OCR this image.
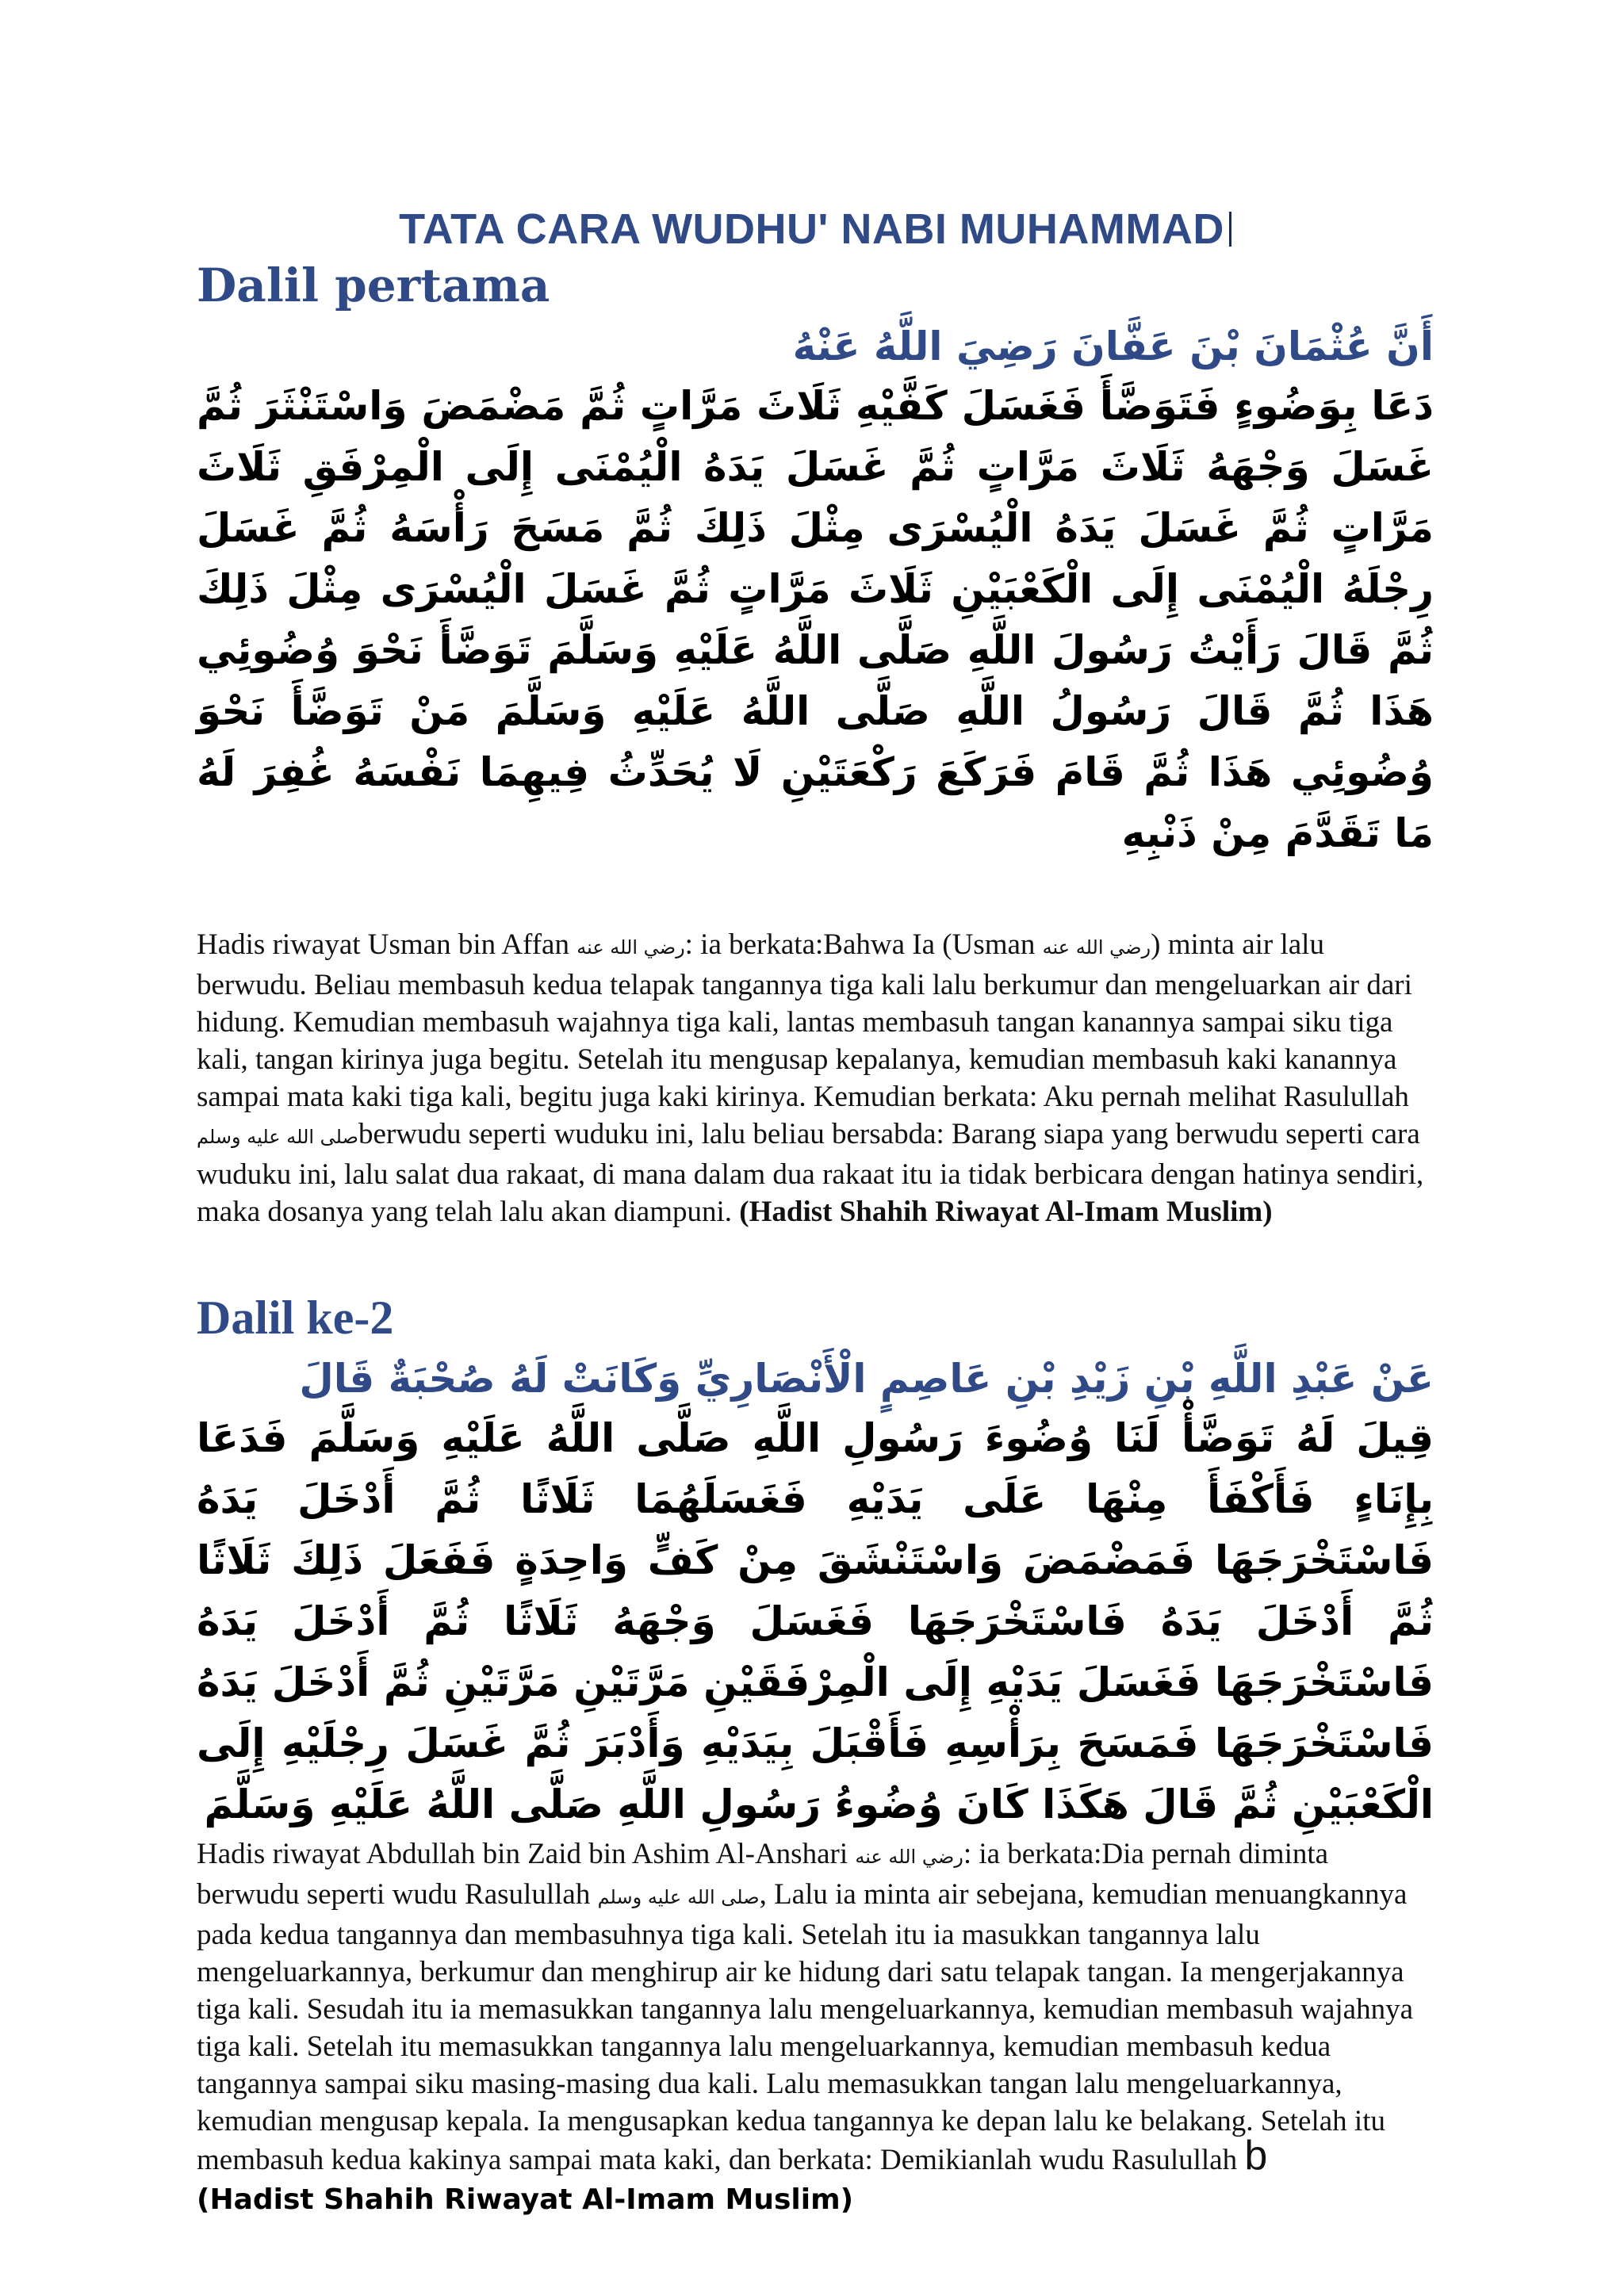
TATA CARA WUDHU' NABI MUHAMMAD
Dalil pertama

أَنَّ عُثْمَانَ بْنَ عَفَّانَ رَضِيَ اللَّهُ عَنْهُ

دَعَا بِوَضُوءٍ فَتَوَضَّأَ فَغَسَلَ كَفَّيْهِ ثَلَاثَ مَرَّاتٍ ثُمَّ مَضْمَضَ وَاسْتَنْثَرَ ثُمَّ غَسَلَ وَجْهَهُ ثَلَاثَ مَرَّاتٍ ثُمَّ غَسَلَ يَدَهُ الْيُمْنَى إِلَى الْمِرْفَقِ ثَلَاثَ مَرَّاتٍ ثُمَّ غَسَلَ يَدَهُ الْيُسْرَى مِثْلَ ذَلِكَ ثُمَّ مَسَحَ رَأْسَهُ ثُمَّ غَسَلَ رِجْلَهُ الْيُمْنَى إِلَى الْكَعْبَيْنِ ثَلَاثَ مَرَّاتٍ ثُمَّ غَسَلَ الْيُسْرَى مِثْلَ ذَلِكَ ثُمَّ قَالَ رَأَيْتُ رَسُولَ اللَّهِ صَلَّى اللَّهُ عَلَيْهِ وَسَلَّمَ تَوَضَّأَ نَحْوَ وُضُوئِي هَذَا ثُمَّ قَالَ رَسُولُ اللَّهِ صَلَّى اللَّهُ عَلَيْهِ وَسَلَّمَ مَنْ تَوَضَّأَ نَحْوَ وُضُوئِي هَذَا ثُمَّ قَامَ فَرَكَعَ رَكْعَتَيْنِ لَا يُحَدِّثُ فِيهِمَا نَفْسَهُ غُفِرَ لَهُ مَا تَقَدَّمَ مِنْ ذَنْبِهِ

Hadis riwayat Usman bin Affan رضي الله عنه: ia berkata:Bahwa Ia (Usman رضي الله عنه) minta air lalu berwudu. Beliau membasuh kedua telapak tangannya tiga kali lalu berkumur dan mengeluarkan air dari hidung. Kemudian membasuh wajahnya tiga kali, lantas membasuh tangan kanannya sampai siku tiga kali, tangan kirinya juga begitu. Setelah itu mengusap kepalanya, kemudian membasuh kaki kanannya sampai mata kaki tiga kali, begitu juga kaki kirinya. Kemudian berkata: Aku pernah melihat Rasulullah صلى الله عليه وسلمberwudu seperti wuduku ini, lalu beliau bersabda: Barang siapa yang berwudu seperti cara wuduku ini, lalu salat dua rakaat, di mana dalam dua rakaat itu ia tidak berbicara dengan hatinya sendiri, maka dosanya yang telah lalu akan diampuni. (Hadist Shahih Riwayat Al-Imam Muslim)

Dalil ke-2

عَنْ عَبْدِ اللَّهِ بْنِ زَيْدِ بْنِ عَاصِمٍ الْأَنْصَارِيِّ وَكَانَتْ لَهُ صُحْبَةٌ قَالَ

قِيلَ لَهُ تَوَضَّأْ لَنَا وُضُوءَ رَسُولِ اللَّهِ صَلَّى اللَّهُ عَلَيْهِ وَسَلَّمَ فَدَعَا بِإِنَاءٍ فَأَكْفَأَ مِنْهَا عَلَى يَدَيْهِ فَغَسَلَهُمَا ثَلَاثًا ثُمَّ أَدْخَلَ يَدَهُ فَاسْتَخْرَجَهَا فَمَضْمَضَ وَاسْتَنْشَقَ مِنْ كَفٍّ وَاحِدَةٍ فَفَعَلَ ذَلِكَ ثَلَاثًا ثُمَّ أَدْخَلَ يَدَهُ فَاسْتَخْرَجَهَا فَغَسَلَ وَجْهَهُ ثَلَاثًا ثُمَّ أَدْخَلَ يَدَهُ فَاسْتَخْرَجَهَا فَغَسَلَ يَدَيْهِ إِلَى الْمِرْفَقَيْنِ مَرَّتَيْنِ مَرَّتَيْنِ ثُمَّ أَدْخَلَ يَدَهُ فَاسْتَخْرَجَهَا فَمَسَحَ بِرَأْسِهِ فَأَقْبَلَ بِيَدَيْهِ وَأَدْبَرَ ثُمَّ غَسَلَ رِجْلَيْهِ إِلَى الْكَعْبَيْنِ ثُمَّ قَالَ هَكَذَا كَانَ وُضُوءُ رَسُولِ اللَّهِ صَلَّى اللَّهُ عَلَيْهِ وَسَلَّمَ

Hadis riwayat Abdullah bin Zaid bin Ashim Al-Anshari رضي الله عنه: ia berkata:Dia pernah diminta berwudu seperti wudu Rasulullah صلى الله عليه وسلم, Lalu ia minta air sebejana, kemudian menuangkannya pada kedua tangannya dan membasuhnya tiga kali. Setelah itu ia masukkan tangannya lalu mengeluarkannya, berkumur dan menghirup air ke hidung dari satu telapak tangan. Ia mengerjakannya tiga kali. Sesudah itu ia memasukkan tangannya lalu mengeluarkannya, kemudian membasuh wajahnya tiga kali. Setelah itu memasukkan tangannya lalu mengeluarkannya, kemudian membasuh kedua tangannya sampai siku masing-masing dua kali. Lalu memasukkan tangan lalu mengeluarkannya, kemudian mengusap kepala. Ia mengusapkan kedua tangannya ke depan lalu ke belakang. Setelah itu membasuh kedua kakinya sampai mata kaki, dan berkata: Demikianlah wudu Rasulullah b

(Hadist Shahih Riwayat Al-Imam Muslim)
